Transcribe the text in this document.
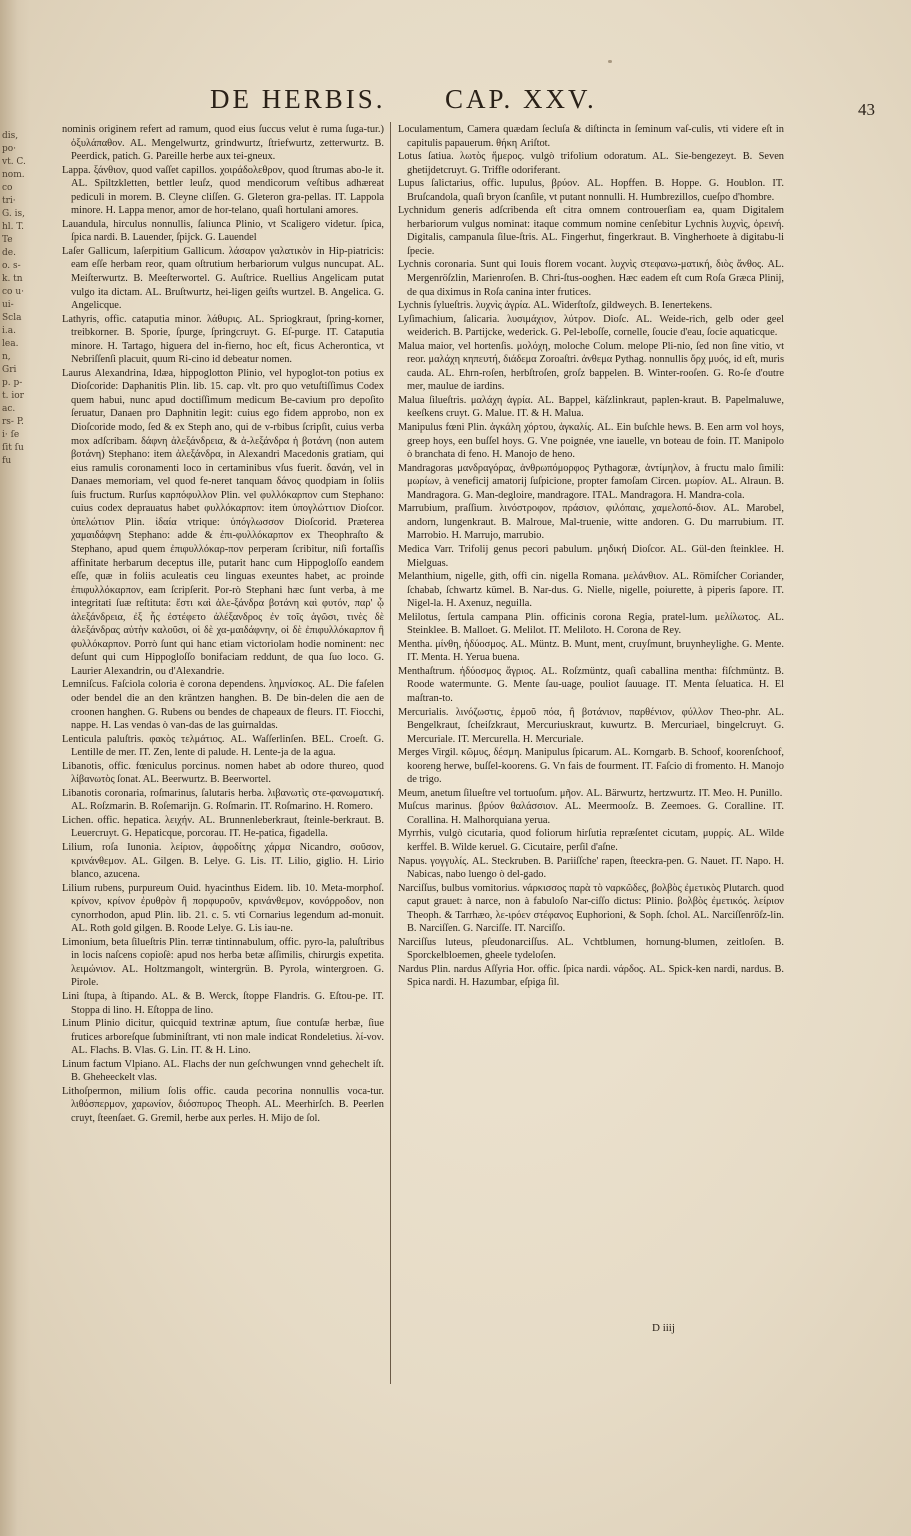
dis, po· vt. C. nom. co tri· G. is, hl. T. Te de. o. s- k. tn co u· ui- Scla i.a. lea. n, Gri p. p- t. ior ac. rs- P. i· ſe ſit ſu fu
DE HERBIS. CAP. XXV.	43
nominis originem refert ad ramum, quod eius ſuccus velut è ruma ſuga-tur.) ὀξυλάπαθον. AL. Mengelwurtz, grindwurtz, ſtriefwurtz, zetterwurtz. B. Peerdick, patich. G. Pareille herbe aux tei-gneux.
Lappa. ξάνθιον, quod vaſſet capillos. χοιράδολεθρον, quod ſtrumas abo-le it. AL. Spiltzkletten, bettler leuſz, quod mendicorum veſtibus adhæreat pediculi in morem. B. Cleyne cliſſen. G. Gleteron gra-pellas. IT. Lappola minore. H. Lappa menor, amor de hor-telano, quaſi hortulani amores.
Lauandula, hirculus nonnullis, ſaliunca Plinio, vt Scaligero videtur. ſpica, ſpica nardi. B. Lauender, ſpijck. G. Lauendel
Laſer Gallicum, laſerpitium Gallicum. λάσαρον γαλατικὸν in Hip-piatricis: eam eſſe herbam reor, quam oſtrutium herbariorum vulgus nuncupat. AL. Meiſterwurtz. B. Meeſterwortel. G. Auſtrice. Ruellius Angelicam putat vulgo ita dictam. AL. Bruſtwurtz, hei-ligen geiſts wurtzel. B. Angelica. G. Angelicque.
Lathyris, offic. cataputia minor. λάθυρις. AL. Spriogkraut, ſpring-korner, treibkorner. B. Sporie, ſpurge, ſpringcruyt. G. Eſ-purge. IT. Cataputia minore. H. Tartago, higuera del in-fierno, hoc eſt, ficus Acherontica, vt Nebriſſenſi placuit, quum Ri-cino id debeatur nomen.
Laurus Alexandrina, Idæa, hippoglotton Plinio, vel hypoglot-ton potius ex Dioſcoride: Daphanitis Plin. lib. 15. cap. vlt. pro quo vetuſtiſſimus Codex quem habui, nunc apud doctiſſimum medicum Be-cavium pro depoſito ſeruatur, Danaen pro Daphnitin legit: cuius ego fidem approbo, non ex Dioſcoride modo, ſed & ex Steph ano, qui de v-rbibus ſcripſit, cuius verba mox adſcribam. δάφνη ἀλεξάνδρεια, & ἀ-λεξάνδρα ἡ βοτάνη (non autem βοτάνη) Stephano: item ἀλεξάνδρα, in Alexandri Macedonis gratiam, qui eius ramulis coronamenti loco in certaminibus vſus fuerit. δανάη, vel in Danaes memoriam, vel quod fe-neret tanquam δάνος quodpiam in ſoliis ſuis fructum. Rurſus καρπόφυλλον Plin. vel φυλλόκαρπον cum Stephano: cuius codex deprauatus habet φυλλόκαρπον: item ὑπογλώττιον Dioſcor. ὑπελώτιον Plin. ἰδαία vtrique: ὑπόγλωσσον Dioſcorid. Præterea χαμαιδάφνη Stephano: adde & ἐπι-φυλλόκαρπον ex Theophraſto & Stephano, apud quem ἐπιφυλλόκαρ-πον perperam ſcribitur, niſi fortaſſis affinitate herbarum deceptus ille, putarit hanc cum Hippogloſſo eandem eſſe, quæ in foliis aculeatis ceu linguas exeuntes habet, ac proinde ἐπιφυλλόκαρπον, eam ſcripſerit. Por-rò Stephani hæc ſunt verba, à me integritati ſuæ reſtituta: ἔστι καὶ ἀλε-ξάνδρα βοτάνη καὶ φυτόν, παρ' ᾧ ἀλεξάνδρεια, ἐξ ἧς ἐστέφετο ἀλέξανδρος ἐν τοῖς ἀγῶσι, τινὲς δὲ ἀλεξάνδρας αὐτὴν καλοῦσι, οἱ δὲ χα-μαιδάφνην, οἱ δὲ ἐπιφυλλόκαρπον ἢ φυλλόκαρπον. Porrò ſunt qui hanc etiam victoriolam hodie nominent: nec deſunt qui cum Hippogloſſo bonifaciam reddunt, de qua ſuo loco. G. Laurier Alexandrin, ou d'Alexandrie.
Lemniſcus. Faſciola coloria è corona dependens. λημνίσκος. AL. Die faſelen oder bendel die an den kräntzen hanghen. B. De bin-delen die aen de croonen hanghen. G. Rubens ou bendes de chapeaux de fleurs. IT. Fiocchi, nappe. H. Las vendas ò van-das de las guirnaldas.
Lenticula paluſtris. φακὸς τελμάτιος. AL. Waſſerlinſen. BEL. Croeſt. G. Lentille de mer. IT. Zen, lente di palude. H. Lente-ja de la agua.
Libanotis, offic. fœniculus porcinus. nomen habet ab odore thureo, quod λίβανωτὸς ſonat. AL. Beerwurtz. B. Beerwortel.
Libanotis coronaria, roſmarinus, ſalutaris herba. λιβανωτὶς στε-φανωματική. AL. Roſzmarin. B. Roſemarijn. G. Roſmarin. IT. Roſmarino. H. Romero.
Lichen. offic. hepatica. λειχήν. AL. Brunnenleberkraut, ſteinle-berkraut. B. Leuercruyt. G. Hepaticque, porcorau. IT. He-patica, figadella.
Lilium, roſa Iunonia. λείριον, ἀφροδίτης χάρμα Nicandro, σοῦσον, κρινάνθεμον. AL. Gilgen. B. Lelye. G. Lis. IT. Lilio, giglio. H. Lirio blanco, azucena.
Lilium rubens, purpureum Ouid. hyacinthus Eidem. lib. 10. Meta-morphoſ. κρίνον, κρίνον ἐρυθρὸν ἢ πορφυροῦν, κρινάνθεμον, κονόρροδον, non cynorrhodon, apud Plin. lib. 21. c. 5. vti Cornarius legendum ad-monuit. AL. Roth gold gilgen. B. Roode Lelye. G. Lis iau-ne.
Limonium, beta ſilueſtris Plin. terræ tintinnabulum, offic. pyro-la, paluſtribus in locis naſcens copioſè: apud nos herba betæ aſſimilis, chirurgis expetita. λειμώνιον. AL. Holtzmangolt, wintergrün. B. Pyrola, wintergroen. G. Pirole.
Lini ſtupa, à ſtipando. AL. & B. Werck, ſtoppe Flandris. G. Eſtou-pe. IT. Stoppa di lino. H. Eſtoppa de lino.
Linum Plinio dicitur, quicquid textrinæ aptum, ſiue contuſæ herbæ, ſiue frutices arboreſque ſubminiſtrant, vti non male indicat Rondeletius. λί-νον. AL. Flachs. B. Vlas. G. Lin. IT. & H. Lino.
Linum factum Vlpiano. AL. Flachs der nun geſchwungen vnnd gehechelt iſt. B. Gheheeckelt vlas.
Lithoſpermon, milium ſolis offic. cauda pecorina nonnullis voca-tur. λιθόσπερμον, χαρωνίον, διόσπυρος Theoph. AL. Meerhirſch. B. Peerlen cruyt, ſteenſaet. G. Gremil, herbe aux perles. H. Mijo de ſol.
Loculamentum, Camera quædam ſecluſa & diſtincta in ſeminum vaſ-culis, vti videre eſt in capitulis papauerum. θήκη Ariſtot.
Lotus ſatiua. λωτὸς ἥμερος. vulgò trifolium odoratum. AL. Sie-bengezeyt. B. Seven ghetijdetcruyt. G. Triffle odoriferant.
Lupus ſalictarius, offic. lupulus, βρύον. AL. Hopffen. B. Hoppe. G. Houblon. IT. Bruſcandola, quaſi bryon ſcanſile, vt putant nonnulli. H. Humbrezillos, cueſpo d'hombre.
Lychnidum generis adſcribenda eſt citra omnem controuerſiam ea, quam Digitalem herbariorum vulgus nominat: itaque commum nomine cenſebitur Lychnis λυχνὶς, ὀρεινή. Digitalis, campanula ſilue-ſtris. AL. Fingerhut, fingerkraut. B. Vingherhoete à digitabu-li ſpecie.
Lychnis coronaria. Sunt qui Iouis florem vocant. λυχνὶς στεφανω-ματική, διὸς ἄνθος. AL. Mergenröſzlin, Marienroſen. B. Chri-ſtus-ooghen. Hæc eadem eſt cum Roſa Græca Plinij, de qua diximus in Roſa canina inter frutices.
Lychnis ſylueſtris. λυχνὶς ἀγρία. AL. Widerſtoſz, gildweych. B. Ienertekens.
Lyſimachium, ſalicaria. λυσιμάχιον, λύτρον. Dioſc. AL. Weide-rich, gelb oder geel weiderich. B. Partijcke, wederick. G. Pel-leboſſe, cornelle, ſoucie d'eau, ſocie aquaticque.
Malua maior, vel hortenſis. μολόχη, moloche Colum. melope Pli-nio, ſed non ſine vitio, vt reor. μαλάχη κηπευτή, διάδεμα Zoroaſtri. ἀνθεμα Pythag. nonnullis ὄρχ μυός, id eſt, muris cauda. AL. Ehrn-roſen, herbſtroſen, groſz bappelen. B. Winter-rooſen. G. Ro-ſe d'outre mer, maulue de iardins.
Malua ſilueſtris. μαλάχη ἀγρία. AL. Bappel, käſzlinkraut, paplen-kraut. B. Papelmaluwe, keeſkens cruyt. G. Malue. IT. & H. Malua.
Manipulus fœni Plin. ἀγκάλη χόρτου, ἀγκαλίς. AL. Ein buſchle hews. B. Een arm vol hoys, greep hoys, een buſſel hoys. G. Vne poignée, vne iauelle, vn boteau de foin. IT. Manipolo ò branchata di feno. H. Manojo de heno.
Mandragoras μανδραγόρας, ἀνθρωπόμορφος Pythagoræ, ἀντίμηλον, à fructu malo ſimili: μωρίων, à veneficij amatorij ſuſpicione, propter famoſam Circen. μωρίον. AL. Alraun. B. Mandragora. G. Man-degloire, mandragore. ITAL. Mandragora. H. Mandra-cola.
Marrubium, praſſium. λινόστροφον, πράσιον, φιλόπαις, χαμελοπό-διον. AL. Marobel, andorn, lungenkraut. B. Malroue, Mal-truenie, witte andoren. G. Du marrubium. IT. Marrobio. H. Marrujo, marrubio.
Medica Varr. Trifolij genus pecori pabulum. μηδική Dioſcor. AL. Gül-den ſteinklee. H. Mielguas.
Melanthium, nigelle, gith, offi cin. nigella Romana. μελάνθιον. AL. Römiſcher Coriander, ſchabab, ſchwartz kümel. B. Nar-dus. G. Nielle, nigelle, poiurette, à piperis ſapore. IT. Nigel-la. H. Axenuz, neguilla.
Melilotus, ſertula campana Plin. officinis corona Regia, pratel-lum. μελίλωτος. AL. Steinklee. B. Malloet. G. Melilot. IT. Meliloto. H. Corona de Rey.
Mentha. μίνθη, ἡδύοσμος. AL. Müntz. B. Munt, ment, cruyſmunt, bruynheylighe. G. Mente. IT. Menta. H. Yerua buena.
Menthaſtrum. ἡδύοσμος ἄγριος. AL. Roſzmüntz, quaſi caballina mentha: fiſchmüntz. B. Roode watermunte. G. Mente ſau-uage, pouliot ſauuage. IT. Menta ſeluatica. H. El maſtran-to.
Mercurialis. λινόζωστις, ἑρμοῦ πόα, ἢ βοτάνιον, παρθένιον, φύλλον Theo-phr. AL. Bengelkraut, ſcheiſzkraut, Mercuriuskraut, kuwurtz. B. Mercuriael, bingelcruyt. G. Mercuriale. IT. Mercurella. H. Mercuriale.
Merges Virgil. κῶμυς, δέσμη. Manipulus ſpicarum. AL. Korngarb. B. Schoof, koorenſchoof, kooreng herwe, buſſel-koorens. G. Vn fais de fourment. IT. Faſcio di fromento. H. Manojo de trigo.
Meum, anetum ſilueſtre vel tortuoſum. μῆον. AL. Bärwurtz, hertzwurtz. IT. Meo. H. Punillo.
Muſcus marinus. βρύον θαλάσσιον. AL. Meermooſz. B. Zeemoes. G. Coralline. IT. Corallina. H. Malhorquiana yerua.
Myrrhis, vulgò cicutaria, quod foliorum hirſutia repræſentet cicutam, μυρρίς. AL. Wilde kerffel. B. Wilde keruel. G. Cicutaire, perſil d'aſne.
Napus. γογγυλίς. AL. Steckruben. B. Pariiſſche' rapen, ſteeckra-pen. G. Nauet. IT. Napo. H. Nabicas, nabo luengo ò del-gado.
Narciſſus, bulbus vomitorius. νάρκισσος παρὰ τὸ ναρκῶδες, βολβὸς ἐμετικὸς Plutarch. quod caput grauet: à narce, non à fabuloſo Nar-ciſſo dictus: Plinio. βολβὸς ἐμετικός. λείριον Theoph. & Tarrhæo, λε-ιρόεν στέφανος Euphorioni, & Soph. ſchol. AL. Narciſſenröſz-lin. B. Narciſſen. G. Narciſſe. IT. Narciſſo.
Narciſſus luteus, pſeudonarciſſus. AL. Vchtblumen, hornung-blumen, zeitloſen. B. Sporckelbloemen, gheele tydeloſen.
Nardus Plin. nardus Aſſyria Hor. offic. ſpica nardi. νάρδος. AL. Spick-ken nardi, nardus. B. Spica nardi. H. Hazumbar, eſpiga ſil.
D iiij
